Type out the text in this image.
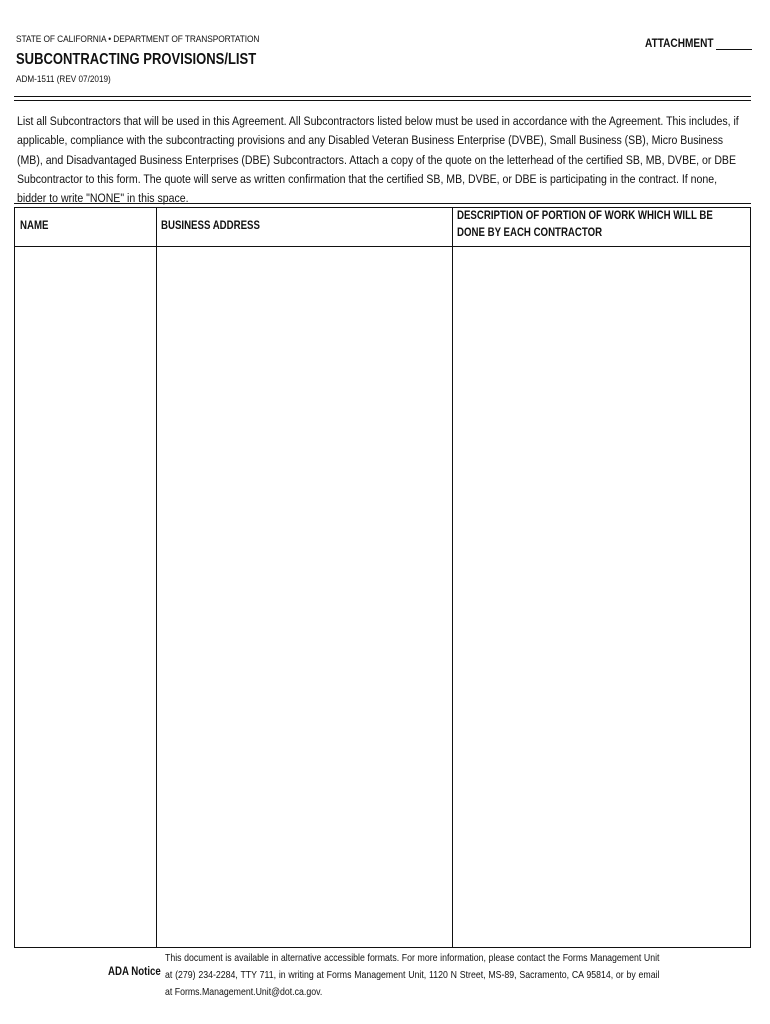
STATE OF CALIFORNIA • DEPARTMENT OF TRANSPORTATION
SUBCONTRACTING PROVISIONS/LIST
ADM-1511 (REV 07/2019)
ATTACHMENT
List all Subcontractors that will be used in this Agreement. All Subcontractors listed below must be used in accordance with the Agreement. This includes, if applicable, compliance with the subcontracting provisions and any Disabled Veteran Business Enterprise (DVBE), Small Business (SB), Micro Business (MB), and Disadvantaged Business Enterprises (DBE) Subcontractors. Attach a copy of the quote on the letterhead of the certified SB, MB, DVBE, or DBE Subcontractor to this form. The quote will serve as written confirmation that the certified SB, MB, DVBE, or DBE is participating in the contract. If none, bidder to write "NONE" in this space.
NAME	BUSINESS ADDRESS
DESCRIPTION OF PORTION OF WORK WHICH WILL BE DONE BY EACH CONTRACTOR
ADA Notice
This document is available in alternative accessible formats. For more information, please contact the Forms Management Unit at (279) 234-2284, TTY 711, in writing at Forms Management Unit, 1120 N Street, MS-89, Sacramento, CA 95814, or by email at Forms.Management.Unit@dot.ca.gov.
